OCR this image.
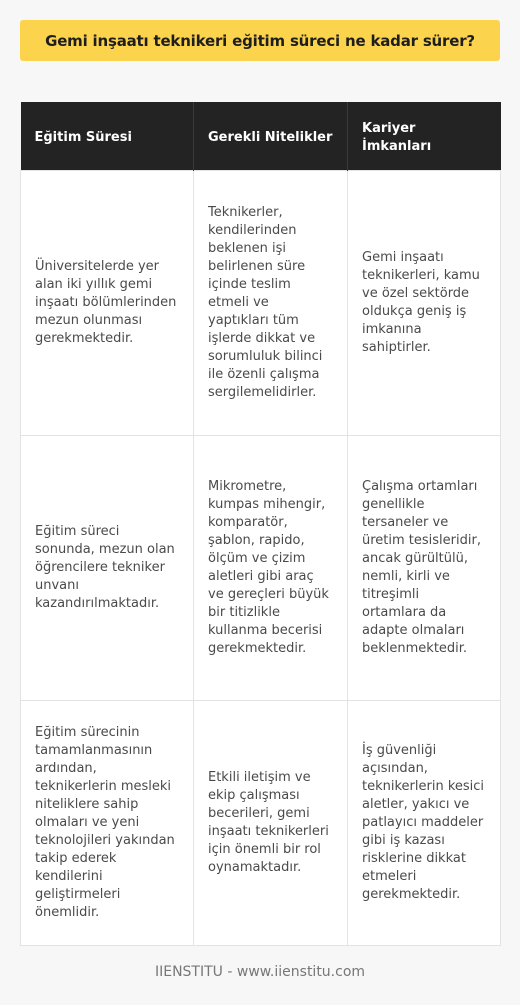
Gemi inşaatı teknikeri eğitim süreci ne kadar sürer?
Eğitim Süresi	Gerekli Nitelikler	Kariyer İmkanları
Üniversitelerde yer alan iki yıllık gemi inşaatı bölümlerinden mezun olunması gerekmektedir.	Teknikerler, kendilerinden beklenen işi belirlenen süre içinde teslim etmeli ve yaptıkları tüm işlerde dikkat ve sorumluluk bilinci ile özenli çalışma sergilemelidirler.	Gemi inşaatı teknikerleri, kamu ve özel sektörde oldukça geniş iş imkanına sahiptirler.
Eğitim süreci sonunda, mezun olan öğrencilere tekniker unvanı kazandırılmaktadır.	Mikrometre, kumpas mihengir, komparatör, şablon, rapido, ölçüm ve çizim aletleri gibi araç ve gereçleri büyük bir titizlikle kullanma becerisi gerekmektedir.	Çalışma ortamları genellikle tersaneler ve üretim tesisleridir, ancak gürültülü, nemli, kirli ve titreşimli ortamlara da adapte olmaları beklenmektedir.
Eğitim sürecinin tamamlanmasının ardından, teknikerlerin mesleki niteliklere sahip olmaları ve yeni teknolojileri yakından takip ederek kendilerini geliştirmeleri önemlidir.	Etkili iletişim ve ekip çalışması becerileri, gemi inşaatı teknikerleri için önemli bir rol oynamaktadır.	İş güvenliği açısından, teknikerlerin kesici aletler, yakıcı ve patlayıcı maddeler gibi iş kazası risklerine dikkat etmeleri gerekmektedir.
IIENSTITU - www.iienstitu.com
